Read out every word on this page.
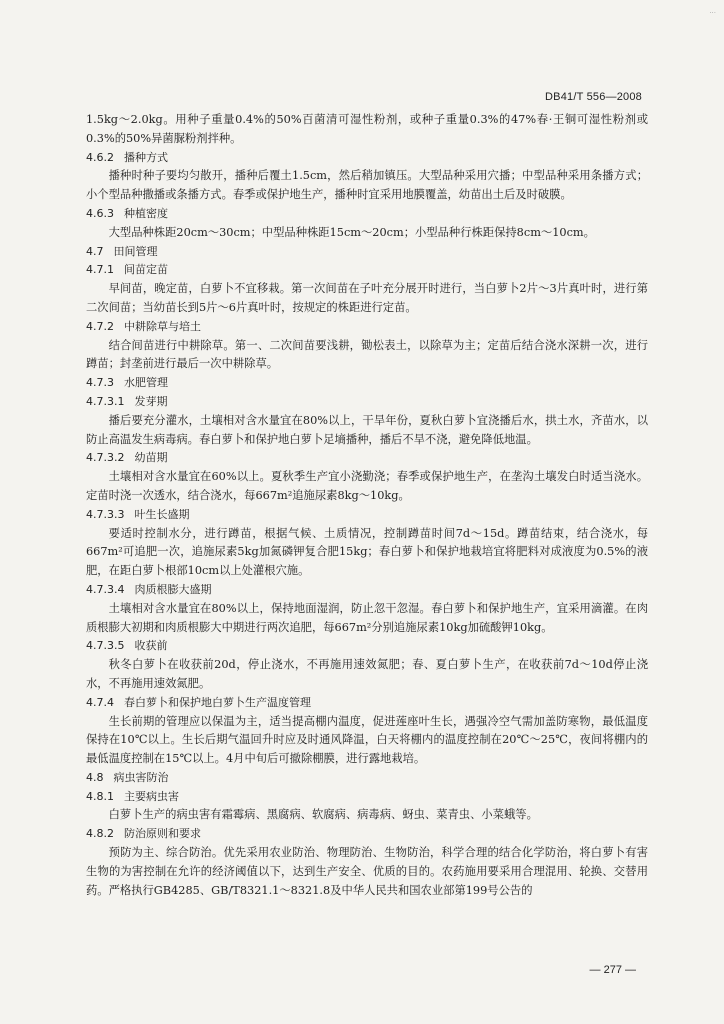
...
DB41/T 556—2008

1.5kg～2.0kg。用种子重量0.4%的50%百菌清可湿性粉剂，或种子重量0.3%的47%春·王铜可湿性粉剂或0.3%的50%异菌脲粉剂拌种。

4.6.2 播种方式

播种时种子要均匀散开，播种后覆土1.5cm，然后稍加镇压。大型品种采用穴播；中型品种采用条播方式；小个型品种撒播或条播方式。春季或保护地生产，播种时宜采用地膜覆盖，幼苗出土后及时破膜。

4.6.3 种植密度

大型品种株距20cm～30cm；中型品种株距15cm～20cm；小型品种行株距保持8cm～10cm。

4.7 田间管理
4.7.1 间苗定苗

早间苗，晚定苗，白萝卜不宜移栽。第一次间苗在子叶充分展开时进行，当白萝卜2片～3片真叶时，进行第二次间苗；当幼苗长到5片～6片真叶时，按规定的株距进行定苗。

4.7.2 中耕除草与培土

结合间苗进行中耕除草。第一、二次间苗要浅耕，锄松表土，以除草为主；定苗后结合浇水深耕一次，进行蹲苗；封垄前进行最后一次中耕除草。

4.7.3 水肥管理
4.7.3.1 发芽期

播后要充分灌水，土壤相对含水量宜在80%以上，干旱年份，夏秋白萝卜宜浇播后水，拱土水，齐苗水，以防止高温发生病毒病。春白萝卜和保护地白萝卜足墒播种，播后不旱不浇，避免降低地温。

4.7.3.2 幼苗期

土壤相对含水量宜在60%以上。夏秋季生产宜小浇勤浇；春季或保护地生产，在垄沟土壤发白时适当浇水。定苗时浇一次透水，结合浇水，每667m²追施尿素8kg～10kg。

4.7.3.3 叶生长盛期

要适时控制水分，进行蹲苗，根据气候、土质情况，控制蹲苗时间7d～15d。蹲苗结束，结合浇水，每667m²可追肥一次，追施尿素5kg加氮磷钾复合肥15kg；春白萝卜和保护地栽培宜将肥料对成液度为0.5%的液肥，在距白萝卜根部10cm以上处灌根穴施。

4.7.3.4 肉质根膨大盛期

土壤相对含水量宜在80%以上，保持地面湿润，防止忽干忽湿。春白萝卜和保护地生产，宜采用滴灌。在肉质根膨大初期和肉质根膨大中期进行两次追肥，每667m²分别追施尿素10kg加硫酸钾10kg。

4.7.3.5 收获前

秋冬白萝卜在收获前20d，停止浇水，不再施用速效氮肥；春、夏白萝卜生产，在收获前7d～10d停止浇水，不再施用速效氮肥。

4.7.4 春白萝卜和保护地白萝卜生产温度管理

生长前期的管理应以保温为主，适当提高棚内温度，促进莲座叶生长，遇强冷空气需加盖防寒物，最低温度保持在10℃以上。生长后期气温回升时应及时通风降温，白天将棚内的温度控制在20℃～25℃，夜间将棚内的最低温度控制在15℃以上。4月中旬后可撤除棚膜，进行露地栽培。

4.8 病虫害防治
4.8.1 主要病虫害

白萝卜生产的病虫害有霜霉病、黑腐病、软腐病、病毒病、蚜虫、菜青虫、小菜蛾等。

4.8.2 防治原则和要求

预防为主、综合防治。优先采用农业防治、物理防治、生物防治，科学合理的结合化学防治，将白萝卜有害生物的为害控制在允许的经济阈值以下，达到生产安全、优质的目的。农药施用要采用合理混用、轮换、交替用药。严格执行GB4285、GB/T8321.1～8321.8及中华人民共和国农业部第199号公告的

— 277 —
